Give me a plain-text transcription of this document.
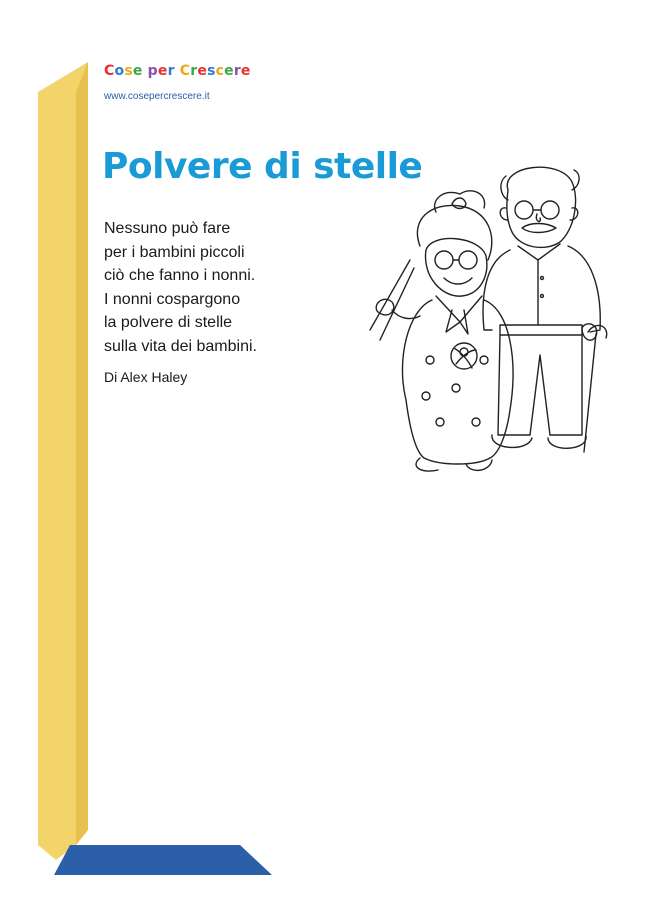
Cose per Crescere
www.cosepercrescere.it
Polvere di stelle
Nessuno può fare
per i bambini piccoli
ciò che fanno i nonni.
I nonni cospargono
la polvere di stelle
sulla vita dei bambini.
Di Alex Haley
